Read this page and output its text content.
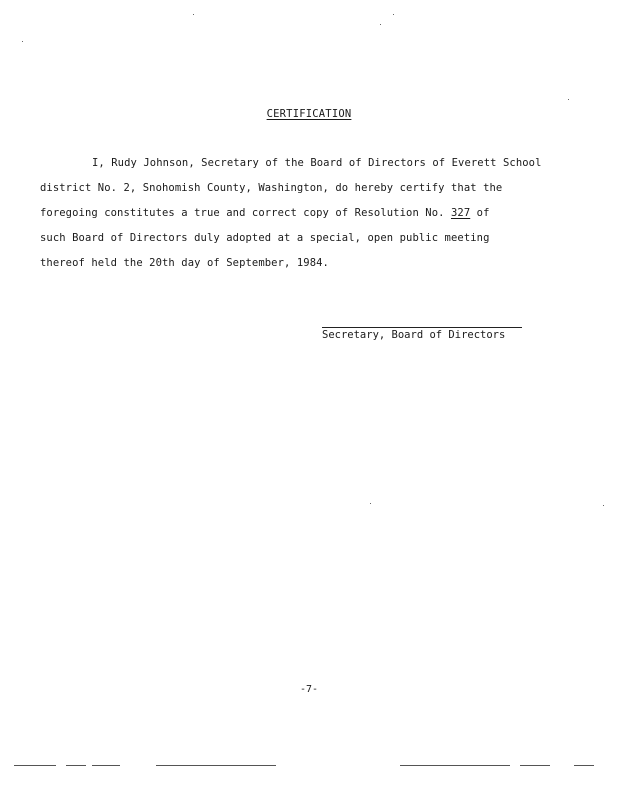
CERTIFICATION
I, Rudy Johnson, Secretary of the Board of Directors of Everett School
district No. 2, Snohomish County, Washington, do hereby certify that the
foregoing constitutes a true and correct copy of Resolution No. 327 of
such Board of Directors duly adopted at a special, open public meeting
thereof held the 20th day of September, 1984.
Secretary, Board of Directors
-7-
